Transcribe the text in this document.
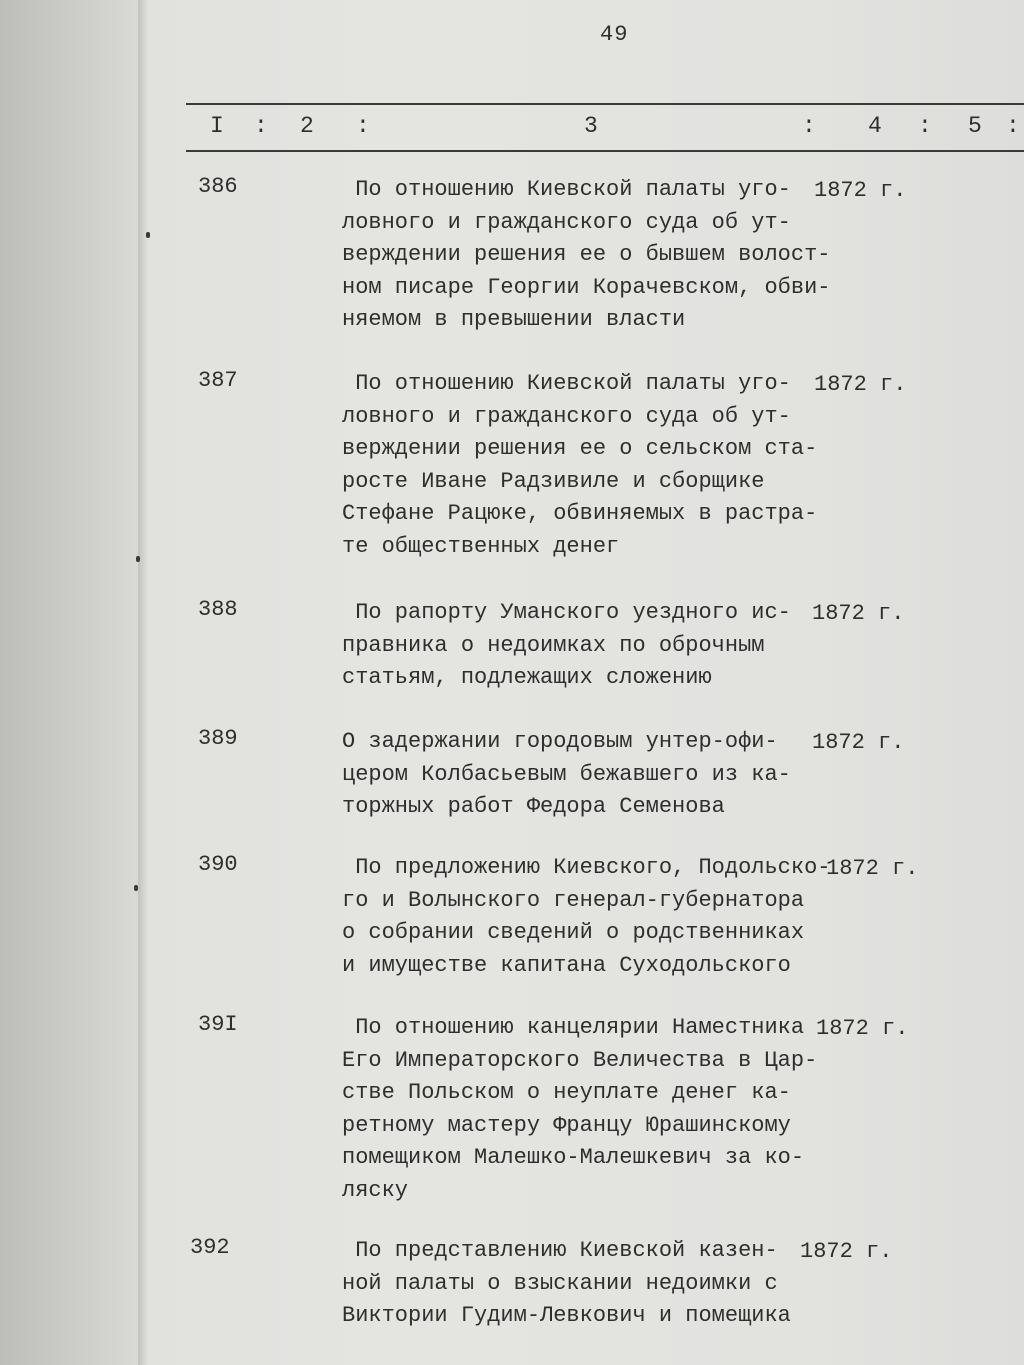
49
I : 2 :	3	: 4 : 5 :
386	По отношению Киевской палаты уго-
ловного и гражданского суда об ут-
верждении решения ее о бывшем волост-
ном писаре Георгии Корачевском, обви-
няемом в превышении власти
1872 г.
387	По отношению Киевской палаты уго-
ловного и гражданского суда об ут-
верждении решения ее о сельском ста-
росте Иване Радзивиле и сборщике
Стефане Рацюке, обвиняемых в растра-
те общественных денег
1872 г.
388	По рапорту Уманского уездного ис-
правника о недоимках по оброчным
статьям, подлежащих сложению
1872 г.
389	О задержании городовым унтер-офи-
цером Колбасьевым бежавшего из ка-
торжных работ Федора Семенова
1872 г.
390	По предложению Киевского, Подольско-
го и Волынского генерал-губернатора
о собрании сведений о родственниках
и имуществе капитана Суходольского
1872 г.
39I	По отношению канцелярии Наместника
Его Императорского Величества в Цар-
стве Польском о неуплате денег ка-
ретному мастеру Францу Юрашинскому
помещиком Малешко-Малешкевич за ко-
ляску
1872 г.
392	По представлению Киевской казен-
ной палаты о взыскании недоимки с
Виктории Гудим-Левкович и помещика
1872 г.
